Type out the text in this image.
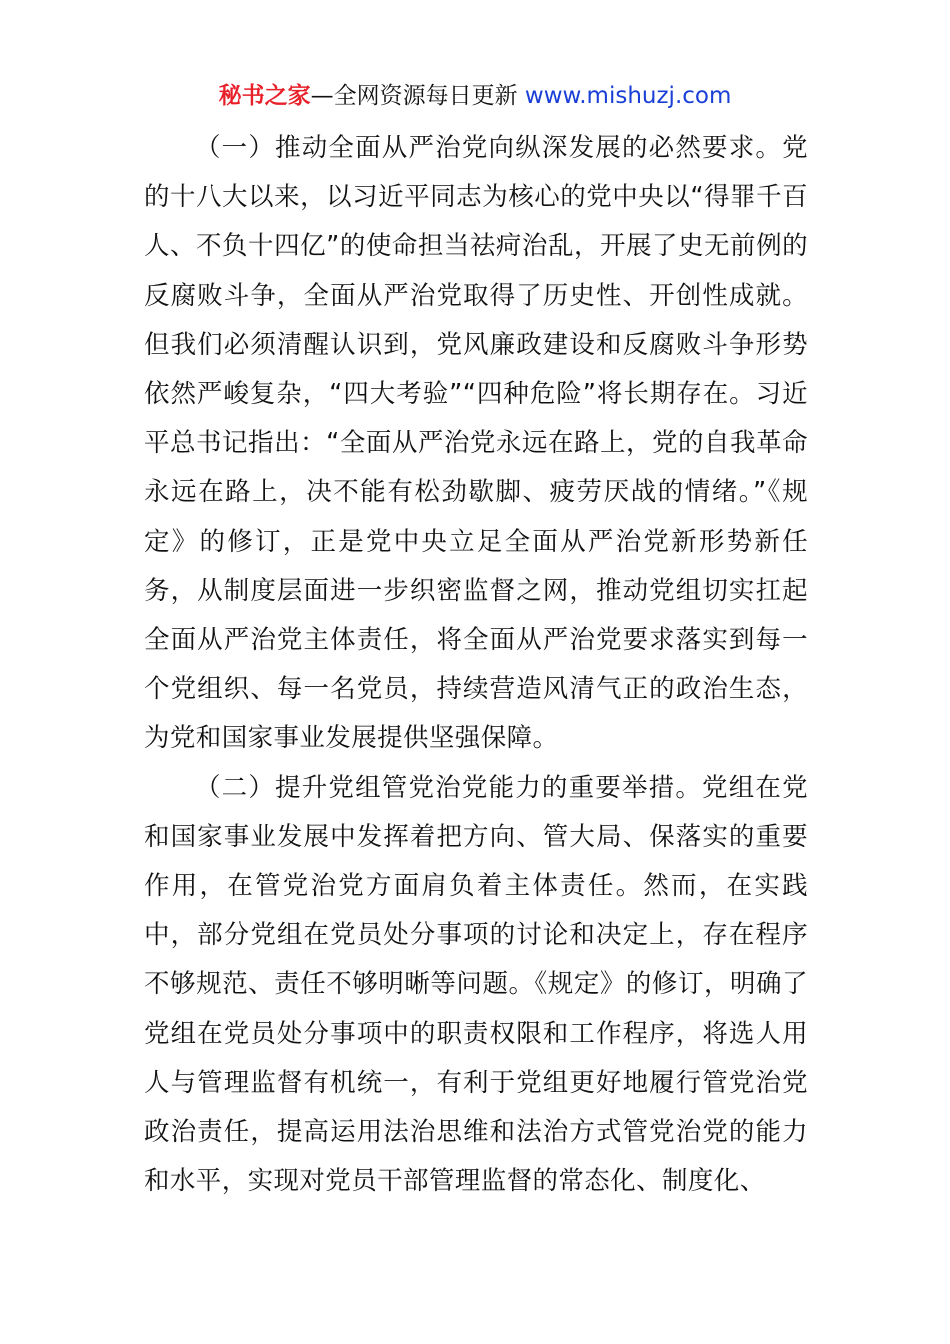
秘书之家—全网资源每日更新 www.mishuzj.com

（一）推动全面从严治党向纵深发展的必然要求。党的十八大以来，以习近平同志为核心的党中央以“得罪千百人、不负十四亿”的使命担当祛疴治乱，开展了史无前例的反腐败斗争，全面从严治党取得了历史性、开创性成就。但我们必须清醒认识到，党风廉政建设和反腐败斗争形势依然严峻复杂，“四大考验”“四种危险”将长期存在。习近平总书记指出：“全面从严治党永远在路上，党的自我革命永远在路上，决不能有松劲歇脚、疲劳厌战的情绪。”《规定》的修订，正是党中央立足全面从严治党新形势新任务，从制度层面进一步织密监督之网，推动党组切实扛起全面从严治党主体责任，将全面从严治党要求落实到每一个党组织、每一名党员，持续营造风清气正的政治生态，为党和国家事业发展提供坚强保障。

（二）提升党组管党治党能力的重要举措。党组在党和国家事业发展中发挥着把方向、管大局、保落实的重要作用，在管党治党方面肩负着主体责任。然而，在实践中，部分党组在党员处分事项的讨论和决定上，存在程序不够规范、责任不够明晰等问题。《规定》的修订，明确了党组在党员处分事项中的职责权限和工作程序，将选人用人与管理监督有机统一，有利于党组更好地履行管党治党政治责任，提高运用法治思维和法治方式管党治党的能力和水平，实现对党员干部管理监督的常态化、制度化、
